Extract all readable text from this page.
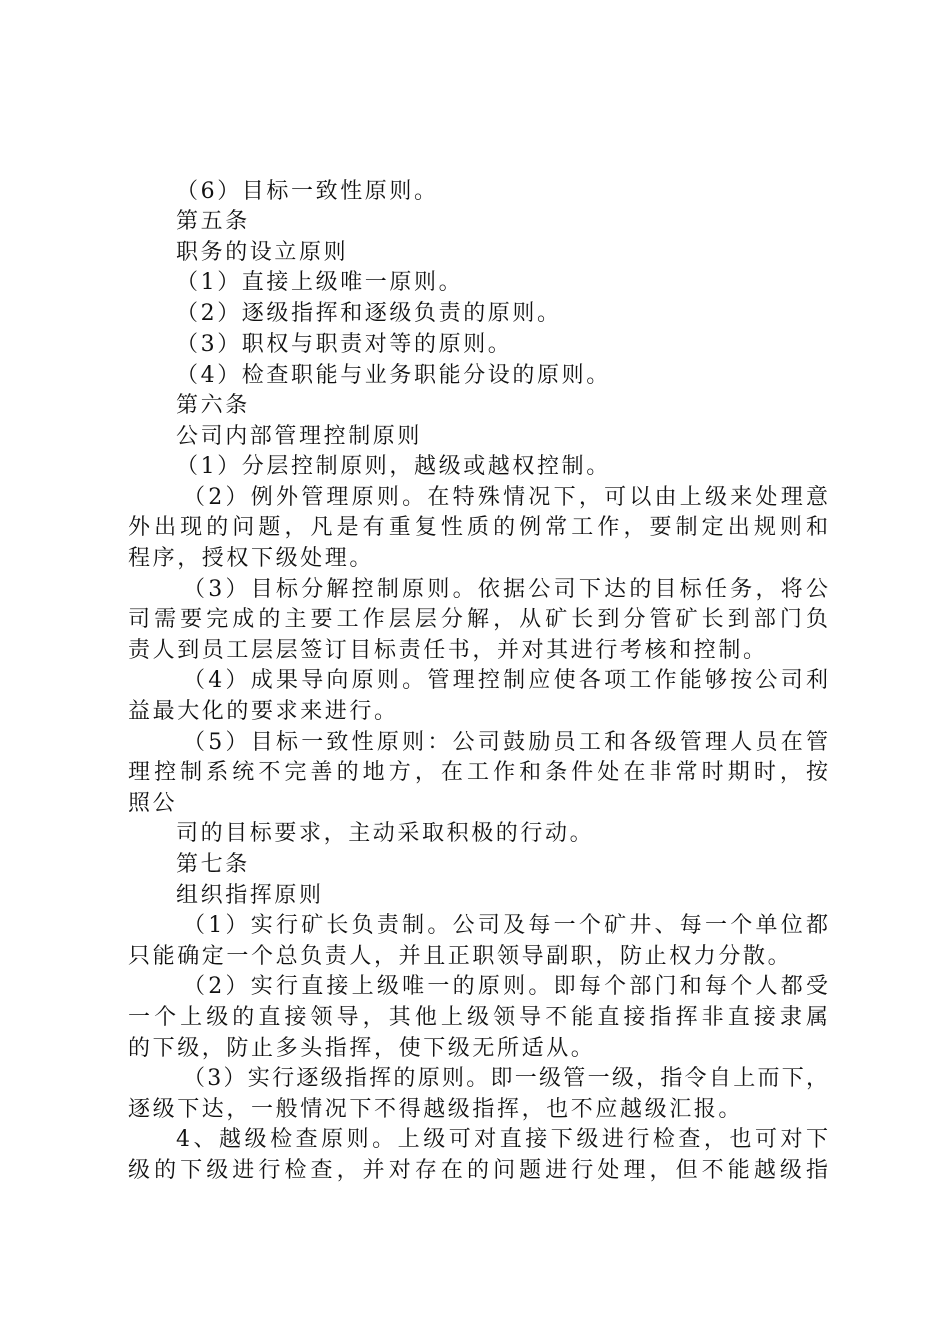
（6）目标一致性原则。
第五条
职务的设立原则
（1）直接上级唯一原则。
（2）逐级指挥和逐级负责的原则。
（3）职权与职责对等的原则。
（4）检查职能与业务职能分设的原则。
第六条
公司内部管理控制原则
（1）分层控制原则，越级或越权控制。
（2）例外管理原则。在特殊情况下，可以由上级来处理意
外出现的问题，凡是有重复性质的例常工作，要制定出规则和
程序，授权下级处理。
（3）目标分解控制原则。依据公司下达的目标任务，将公
司需要完成的主要工作层层分解，从矿长到分管矿长到部门负
责人到员工层层签订目标责任书，并对其进行考核和控制。
（4）成果导向原则。管理控制应使各项工作能够按公司利
益最大化的要求来进行。
（5）目标一致性原则：公司鼓励员工和各级管理人员在管
理控制系统不完善的地方，在工作和条件处在非常时期时，按
照公
司的目标要求，主动采取积极的行动。
第七条
组织指挥原则
（1）实行矿长负责制。公司及每一个矿井、每一个单位都
只能确定一个总负责人，并且正职领导副职，防止权力分散。
（2）实行直接上级唯一的原则。即每个部门和每个人都受
一个上级的直接领导，其他上级领导不能直接指挥非直接隶属
的下级，防止多头指挥，使下级无所适从。
（3）实行逐级指挥的原则。即一级管一级，指令自上而下，
逐级下达，一般情况下不得越级指挥，也不应越级汇报。
4、越级检查原则。上级可对直接下级进行检查，也可对下
级的下级进行检查，并对存在的问题进行处理，但不能越级指
